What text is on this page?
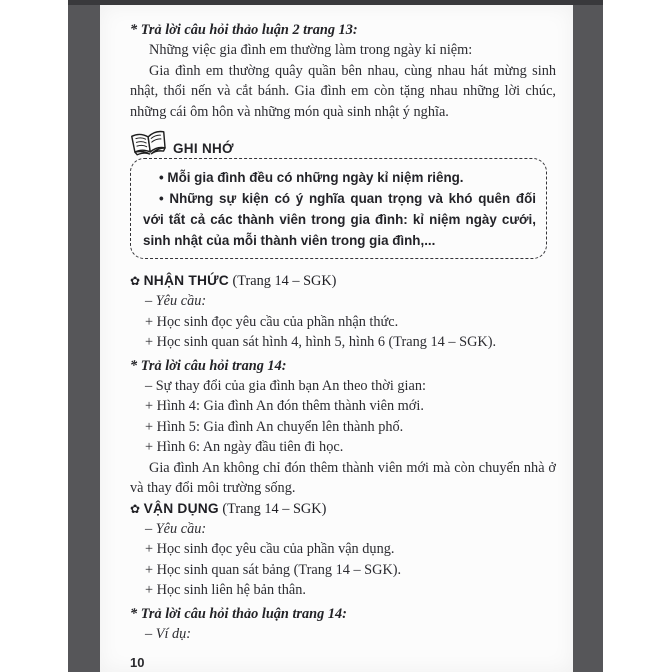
* Trả lời câu hỏi thảo luận 2 trang 13:

Những việc gia đình em thường làm trong ngày kỉ niệm:

Gia đình em thường quây quần bên nhau, cùng nhau hát mừng sinh nhật, thổi nến và cắt bánh. Gia đình em còn tặng nhau những lời chúc, những cái ôm hôn và những món quà sinh nhật ý nghĩa.

GHI NHỚ

• Mỗi gia đình đều có những ngày kỉ niệm riêng.

• Những sự kiện có ý nghĩa quan trọng và khó quên đối với tất cả các thành viên trong gia đình: kỉ niệm ngày cưới, sinh nhật của mỗi thành viên trong gia đình,...

✿ NHẬN THỨC (Trang 14 – SGK)

– Yêu cầu:

+ Học sinh đọc yêu cầu của phần nhận thức.

+ Học sinh quan sát hình 4, hình 5, hình 6 (Trang 14 – SGK).

* Trả lời câu hỏi trang 14:

– Sự thay đổi của gia đình bạn An theo thời gian:

+ Hình 4: Gia đình An đón thêm thành viên mới.

+ Hình 5: Gia đình An chuyển lên thành phố.

+ Hình 6: An ngày đầu tiên đi học.

Gia đình An không chỉ đón thêm thành viên mới mà còn chuyển nhà ở và thay đổi môi trường sống.

✿ VẬN DỤNG (Trang 14 – SGK)

– Yêu cầu:

+ Học sinh đọc yêu cầu của phần vận dụng.

+ Học sinh quan sát bảng (Trang 14 – SGK).

+ Học sinh liên hệ bản thân.

* Trả lời câu hỏi thảo luận trang 14:

– Ví dụ:

10
